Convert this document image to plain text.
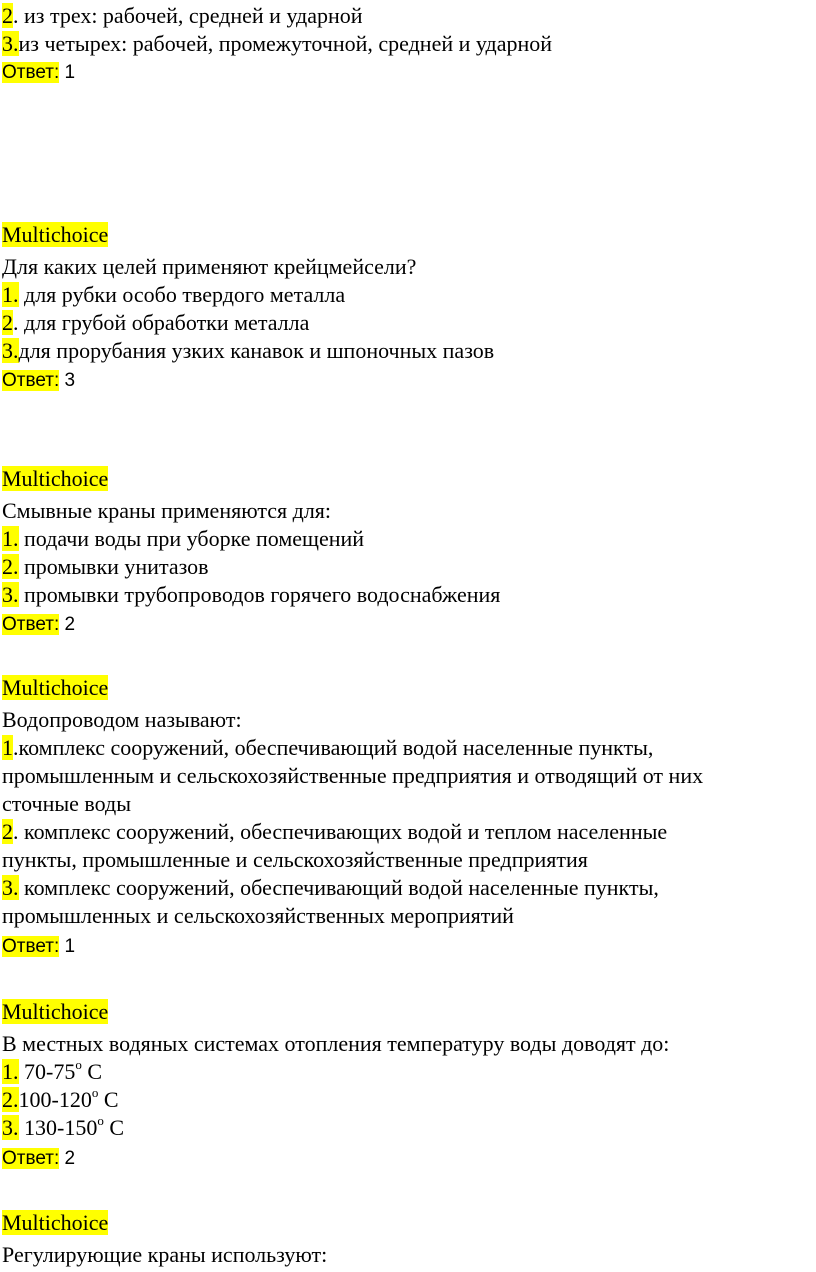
2. из трех: рабочей, средней и ударной
3.из четырех: рабочей, промежуточной, средней и ударной
Ответ: 1
Multichoice
Для каких целей применяют крейцмейсели?
1. для рубки особо твердого металла
2. для грубой обработки металла
3.для прорубания узких канавок и шпоночных пазов
Ответ: 3
Multichoice
Смывные краны применяются для:
1. подачи воды при уборке помещений
2. промывки унитазов
3. промывки трубопроводов горячего водоснабжения
Ответ: 2
Multichoice
Водопроводом называют:
1.комплекс сооружений, обеспечивающий водой населенные пункты,
промышленным и сельскохозяйственные предприятия и отводящий от них
сточные воды
2. комплекс сооружений, обеспечивающих водой и теплом населенные
пункты, промышленные и сельскохозяйственные предприятия
3. комплекс сооружений, обеспечивающий водой населенные пункты,
промышленных и сельскохозяйственных мероприятий
Ответ: 1
Multichoice
В местных водяных системах отопления температуру воды доводят до:
1. 70-75$^o$ С
2.100-120$^o$ С
3. 130-150$^o$ С
Ответ: 2
Multichoice
Регулирующие краны используют:
